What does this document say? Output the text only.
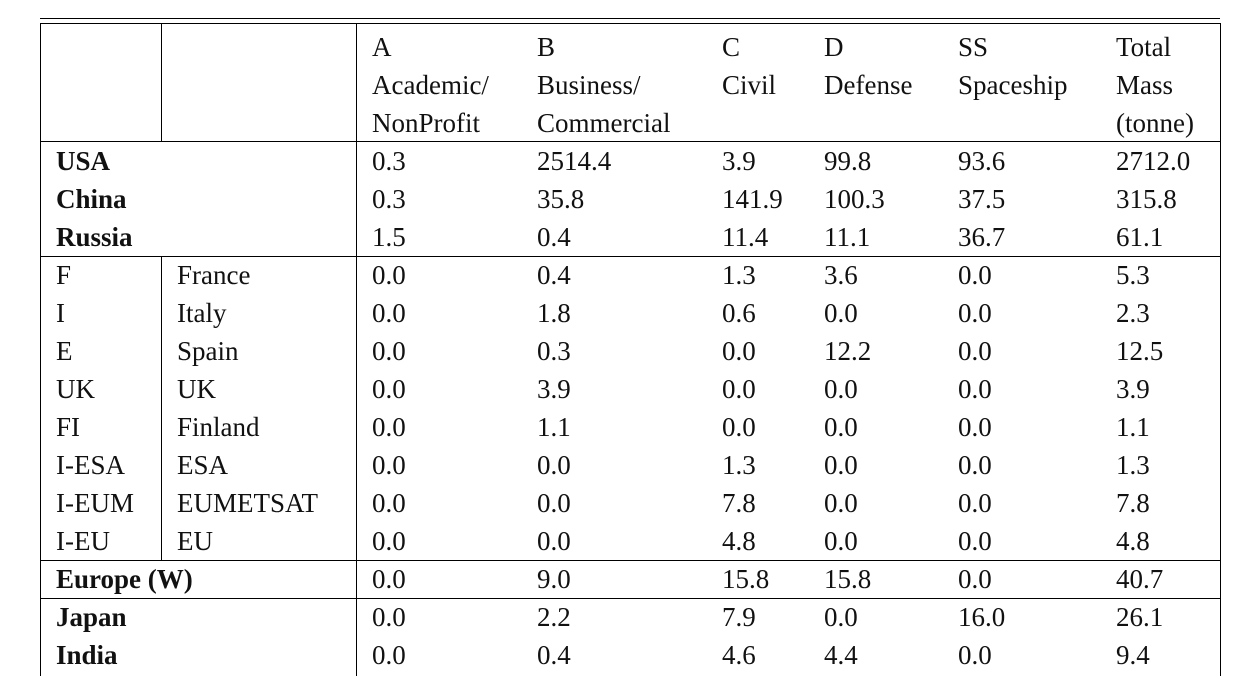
		A	B	C	D	SS	Total
		Academic/	Business/	Civil	Defense	Spaceship	Mass
		NonProfit	Commercial				(tonne)
USA		0.3	2514.4	3.9	99.8	93.6	2712.0
China		0.3	35.8	141.9	100.3	37.5	315.8
Russia		1.5	0.4	11.4	11.1	36.7	61.1
F	France	0.0	0.4	1.3	3.6	0.0	5.3
I	Italy	0.0	1.8	0.6	0.0	0.0	2.3
E	Spain	0.0	0.3	0.0	12.2	0.0	12.5
UK	UK	0.0	3.9	0.0	0.0	0.0	3.9
FI	Finland	0.0	1.1	0.0	0.0	0.0	1.1
I-ESA	ESA	0.0	0.0	1.3	0.0	0.0	1.3
I-EUM	EUMETSAT	0.0	0.0	7.8	0.0	0.0	7.8
I-EU	EU	0.0	0.0	4.8	0.0	0.0	4.8
Europe (W)		0.0	9.0	15.8	15.8	0.0	40.7
Japan		0.0	2.2	7.9	0.0	16.0	26.1
India		0.0	0.4	4.6	4.4	0.0	9.4
